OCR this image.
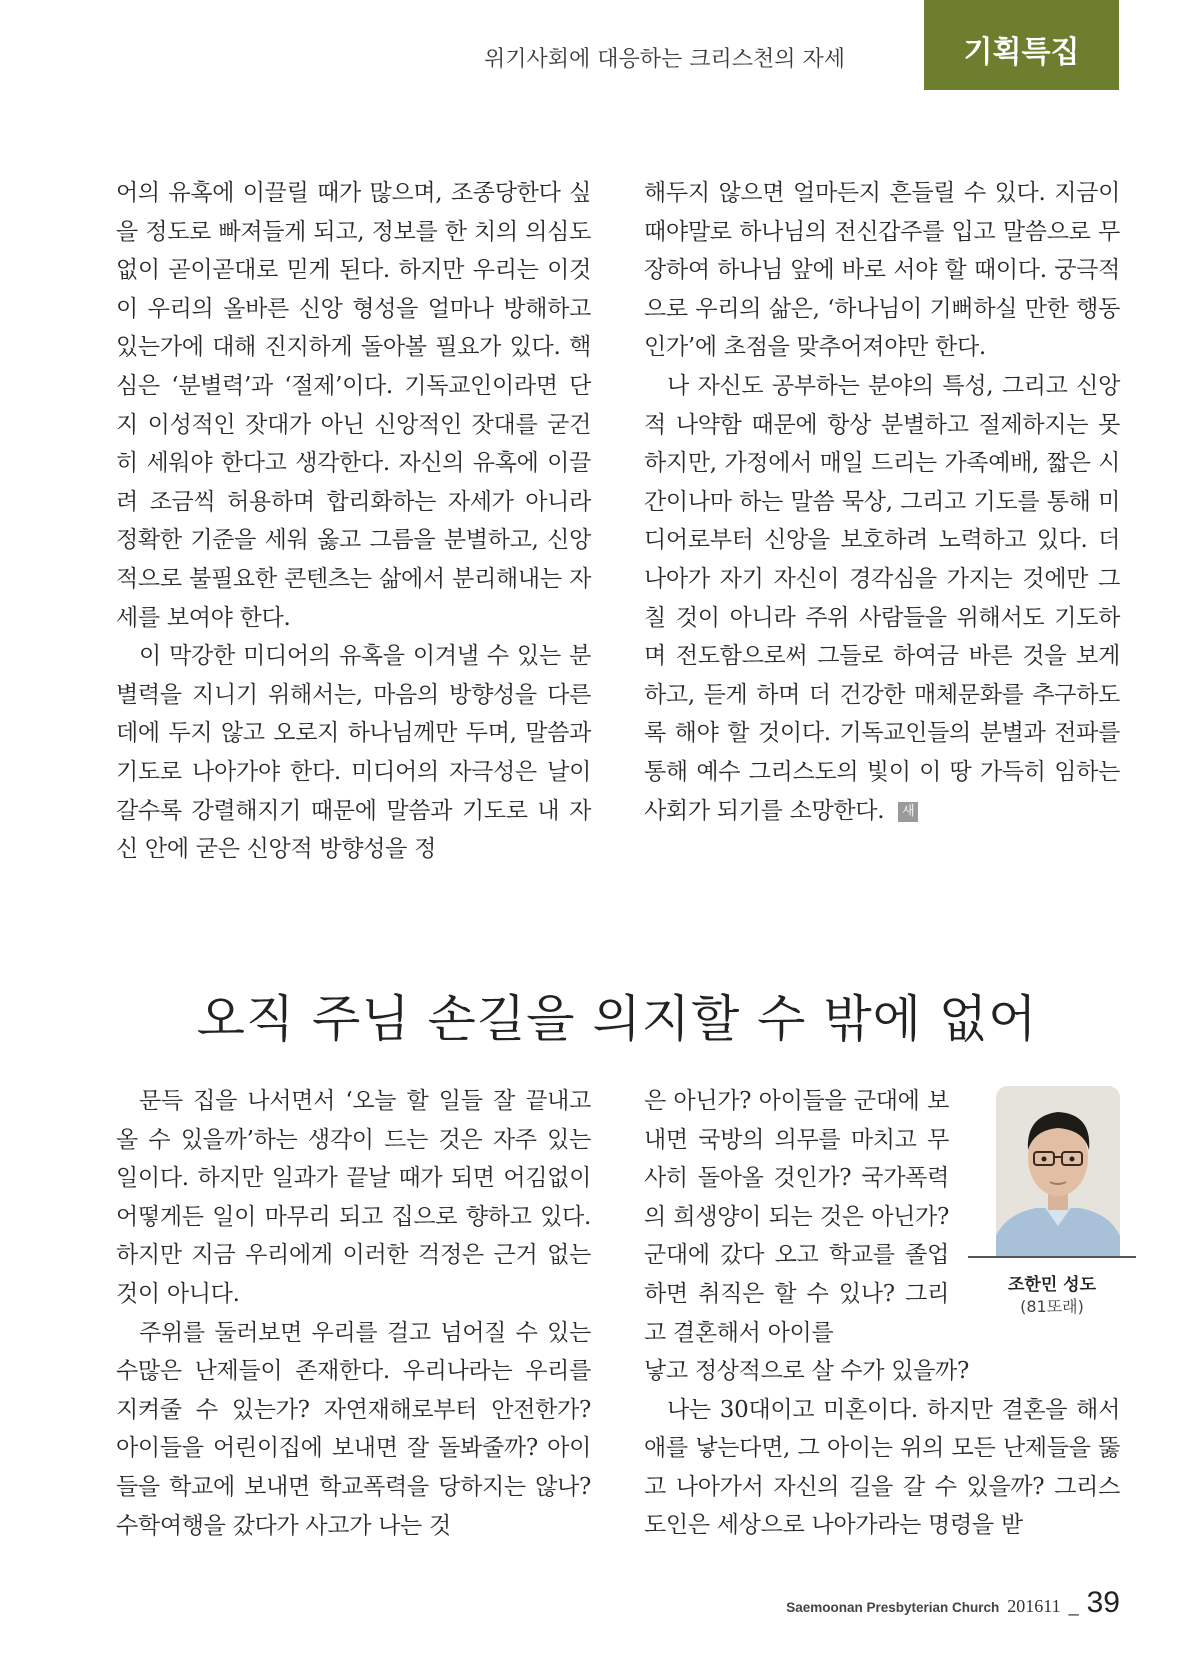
위기사회에 대응하는 크리스천의 자세	기획특집

어의 유혹에 이끌릴 때가 많으며, 조종당한다 싶을 정도로 빠져들게 되고, 정보를 한 치의 의심도 없이 곧이곧대로 믿게 된다. 하지만 우리는 이것이 우리의 올바른 신앙 형성을 얼마나 방해하고 있는가에 대해 진지하게 돌아볼 필요가 있다. 핵심은 ‘분별력’과 ‘절제’이다. 기독교인이라면 단지 이성적인 잣대가 아닌 신앙적인 잣대를 굳건히 세워야 한다고 생각한다. 자신의 유혹에 이끌려 조금씩 허용하며 합리화하는 자세가 아니라 정확한 기준을 세워 옳고 그름을 분별하고, 신앙적으로 불필요한 콘텐츠는 삶에서 분리해내는 자세를 보여야 한다.

이 막강한 미디어의 유혹을 이겨낼 수 있는 분별력을 지니기 위해서는, 마음의 방향성을 다른 데에 두지 않고 오로지 하나님께만 두며, 말씀과 기도로 나아가야 한다. 미디어의 자극성은 날이 갈수록 강렬해지기 때문에 말씀과 기도로 내 자신 안에 굳은 신앙적 방향성을 정

해두지 않으면 얼마든지 흔들릴 수 있다. 지금이 때야말로 하나님의 전신갑주를 입고 말씀으로 무장하여 하나님 앞에 바로 서야 할 때이다. 궁극적으로 우리의 삶은, ‘하나님이 기뻐하실 만한 행동인가’에 초점을 맞추어져야만 한다.

나 자신도 공부하는 분야의 특성, 그리고 신앙적 나약함 때문에 항상 분별하고 절제하지는 못하지만, 가정에서 매일 드리는 가족예배, 짧은 시간이나마 하는 말씀 묵상, 그리고 기도를 통해 미디어로부터 신앙을 보호하려 노력하고 있다. 더 나아가 자기 자신이 경각심을 가지는 것에만 그칠 것이 아니라 주위 사람들을 위해서도 기도하며 전도함으로써 그들로 하여금 바른 것을 보게 하고, 듣게 하며 더 건강한 매체문화를 추구하도록 해야 할 것이다. 기독교인들의 분별과 전파를 통해 예수 그리스도의 빛이 이 땅 가득히 임하는 사회가 되기를 소망한다. 새

오직 주님 손길을 의지할 수 밖에 없어

문득 집을 나서면서 ‘오늘 할 일들 잘 끝내고 올 수 있을까’하는 생각이 드는 것은 자주 있는 일이다. 하지만 일과가 끝날 때가 되면 어김없이 어떻게든 일이 마무리 되고 집으로 향하고 있다. 하지만 지금 우리에게 이러한 걱정은 근거 없는 것이 아니다.

주위를 둘러보면 우리를 걸고 넘어질 수 있는 수많은 난제들이 존재한다. 우리나라는 우리를 지켜줄 수 있는가? 자연재해로부터 안전한가? 아이들을 어린이집에 보내면 잘 돌봐줄까? 아이들을 학교에 보내면 학교폭력을 당하지는 않나? 수학여행을 갔다가 사고가 나는 것

은 아닌가? 아이들을 군대에 보내면 국방의 의무를 마치고 무사히 돌아올 것인가? 국가폭력의 희생양이 되는 것은 아닌가? 군대에 갔다 오고 학교를 졸업하면 취직은 할 수 있나? 그리고 결혼해서 아이를

조한민 성도
(81또래)

낳고 정상적으로 살 수가 있을까?

나는 30대이고 미혼이다. 하지만 결혼을 해서 애를 낳는다면, 그 아이는 위의 모든 난제들을 뚫고 나아가서 자신의 길을 갈 수 있을까? 그리스도인은 세상으로 나아가라는 명령을 받

Saemoonan Presbyterian Church 201611 _ 39
